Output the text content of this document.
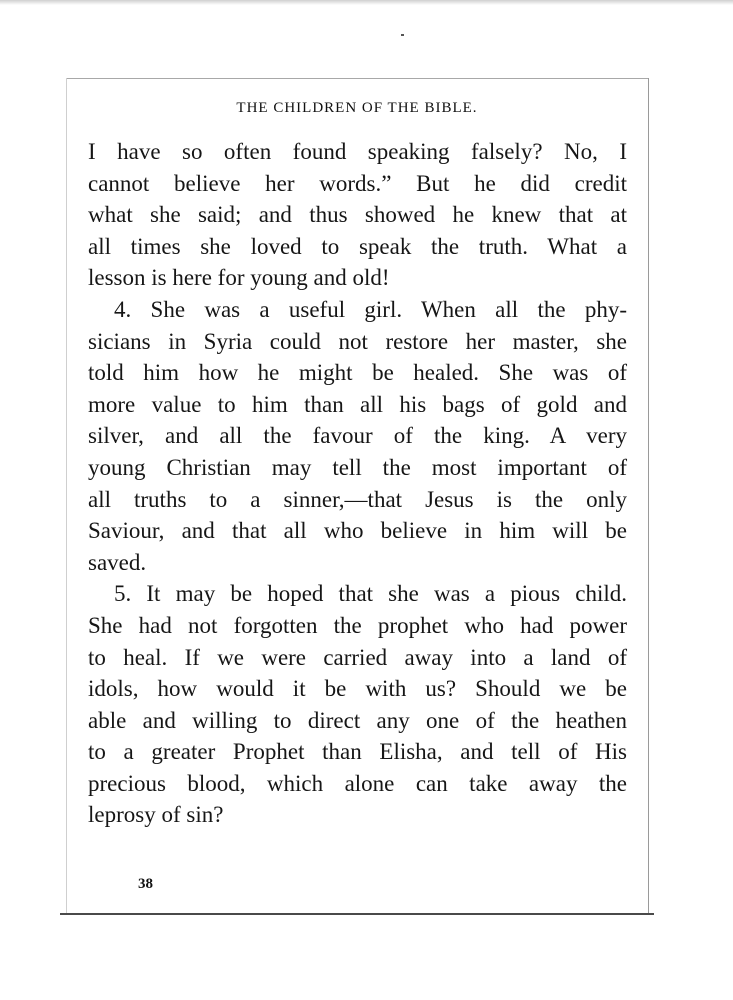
THE CHILDREN OF THE BIBLE.
I have so often found speaking falsely? No, I
cannot believe her words.” But he did credit
what she said; and thus showed he knew that at
all times she loved to speak the truth. What a
lesson is here for young and old!
4. She was a useful girl. When all the phy-
sicians in Syria could not restore her master, she
told him how he might be healed. She was of
more value to him than all his bags of gold and
silver, and all the favour of the king. A very
young Christian may tell the most important of
all truths to a sinner,—that Jesus is the only
Saviour, and that all who believe in him will be
saved.
5. It may be hoped that she was a pious child.
She had not forgotten the prophet who had power
to heal. If we were carried away into a land of
idols, how would it be with us? Should we be
able and willing to direct any one of the heathen
to a greater Prophet than Elisha, and tell of His
precious blood, which alone can take away the
leprosy of sin?
38
